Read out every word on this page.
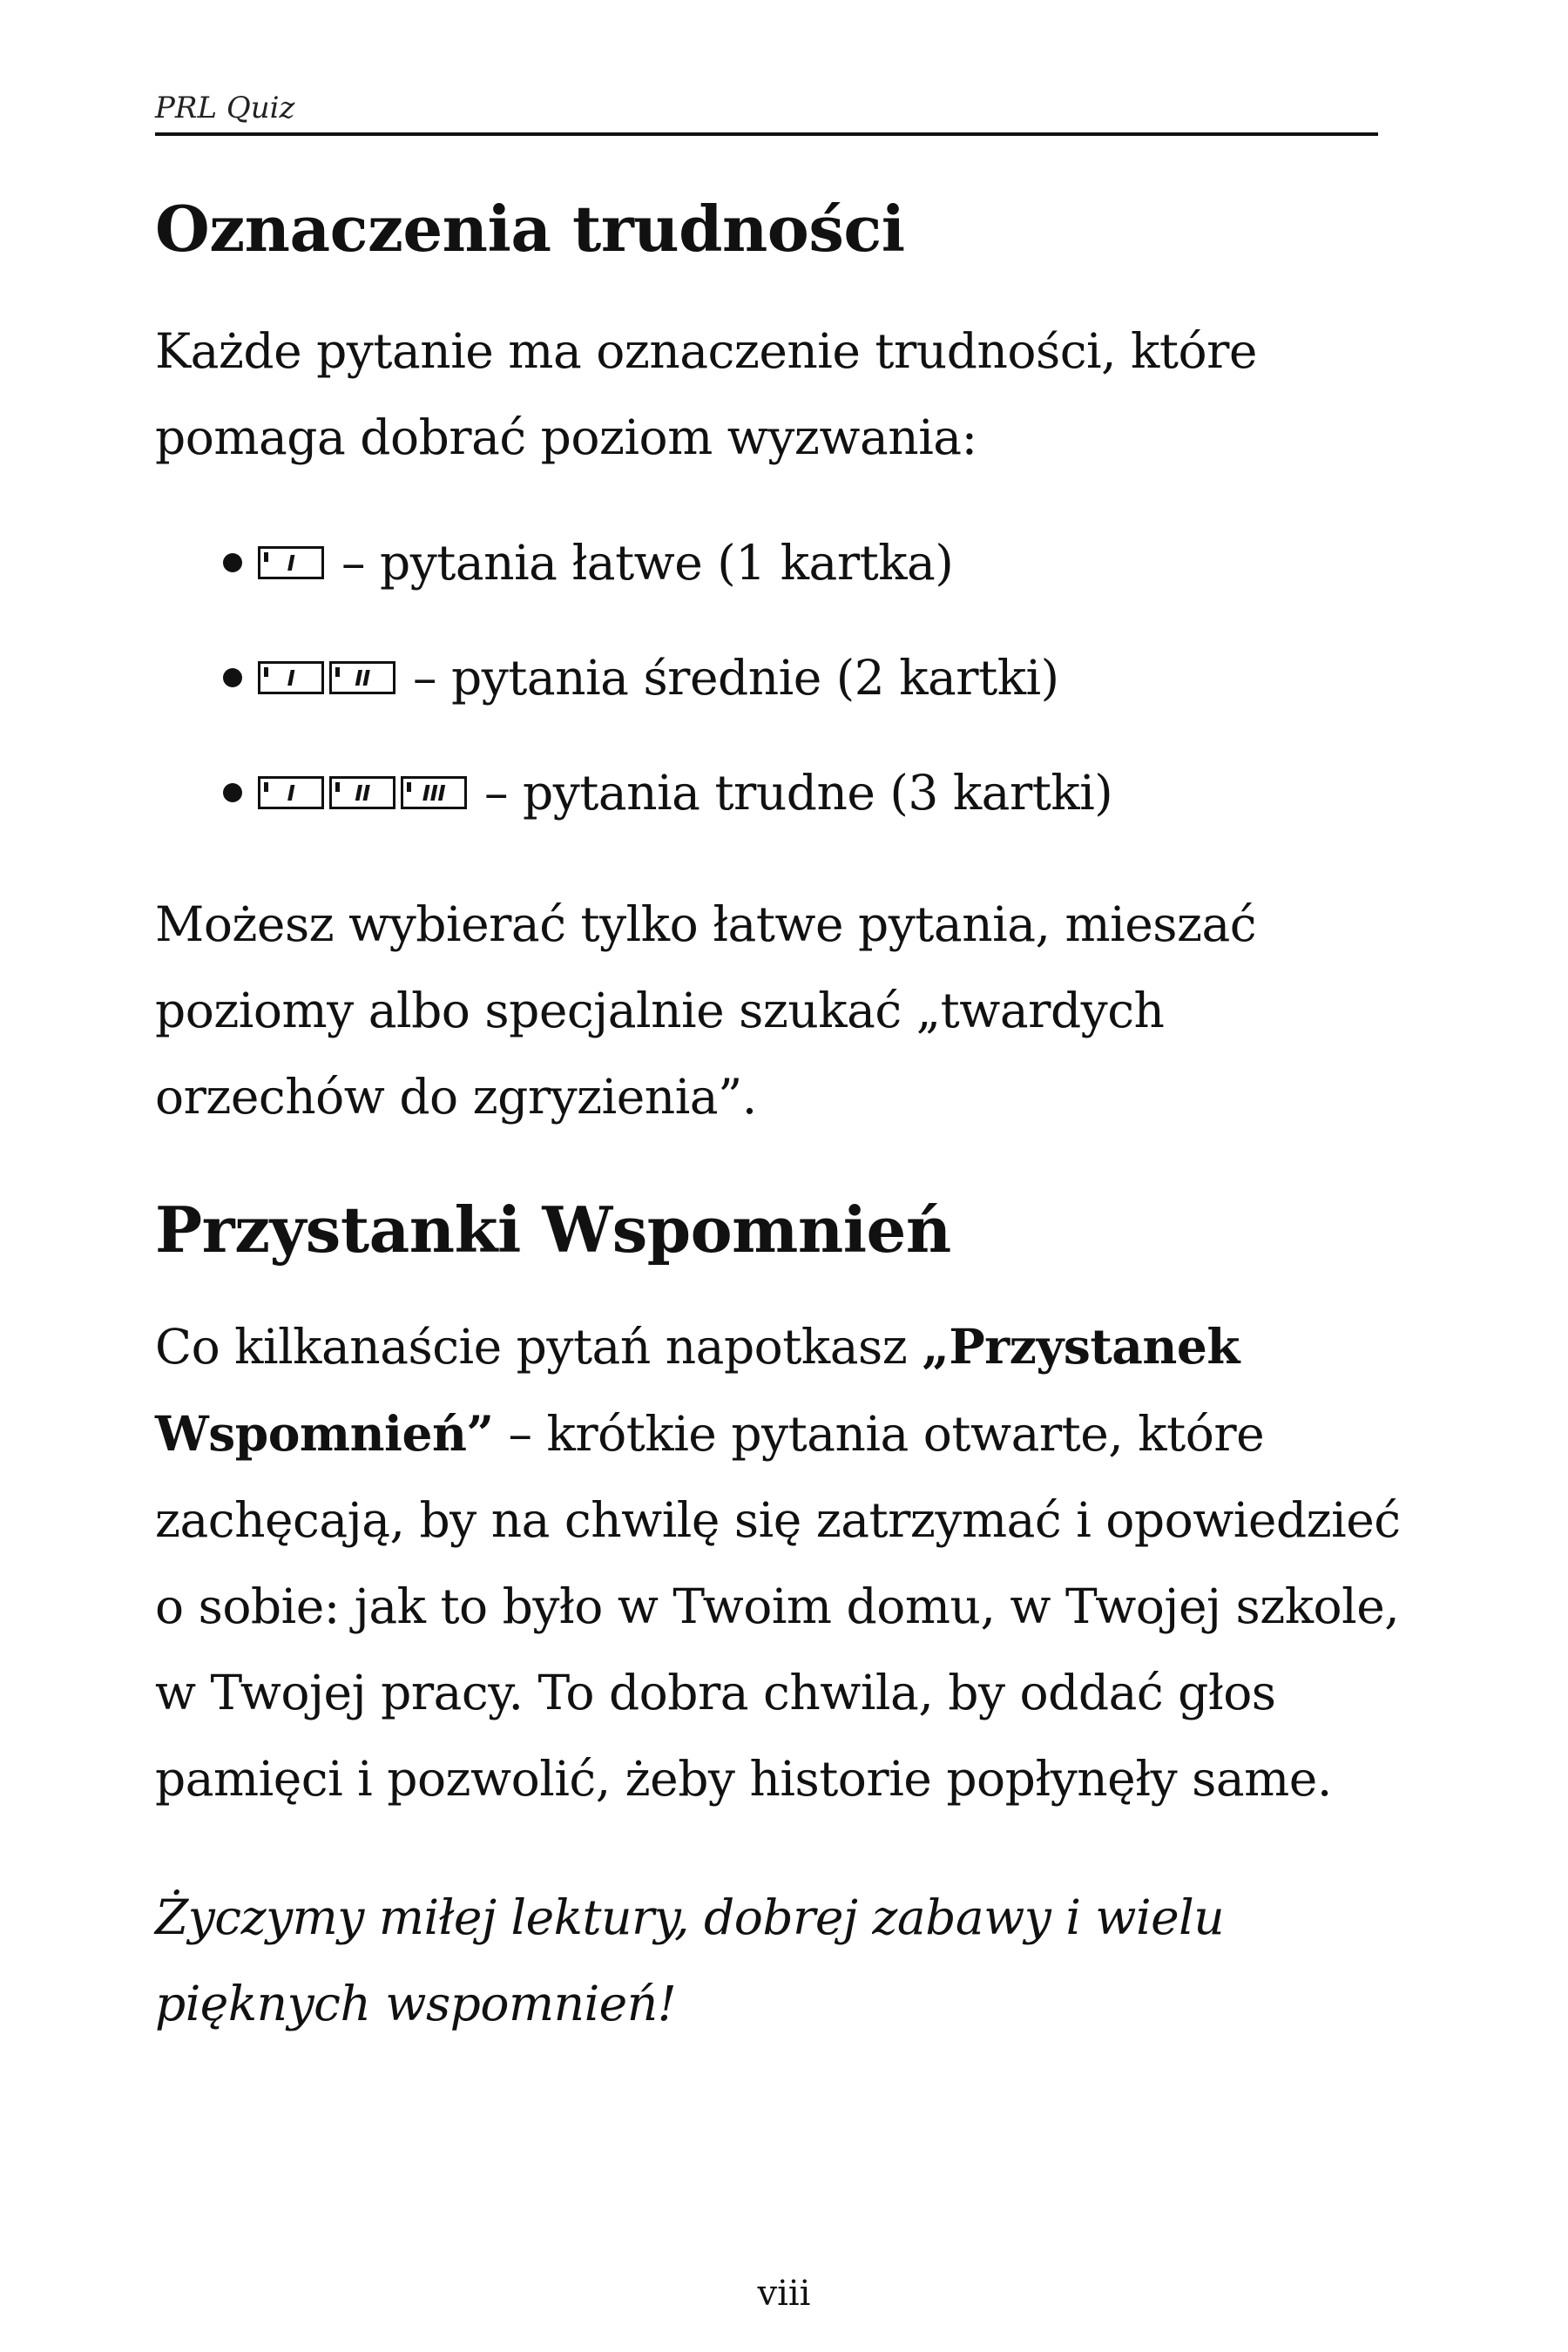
PRL Quiz
Oznaczenia trudności

Każde pytanie ma oznaczenie trudności, które pomaga dobrać poziom wyzwania:

I – pytania łatwe (1 kartka)
I	II – pytania średnie (2 kartki)
I	II	III – pytania trudne (3 kartki)

Możesz wybierać tylko łatwe pytania, mieszać poziomy albo specjalnie szukać „twardych orzechów do zgryzienia”.

Przystanki Wspomnień

Co kilkanaście pytań napotkasz „Przystanek Wspomnień” – krótkie pytania otwarte, które zachęcają, by na chwilę się zatrzymać i opowiedzieć o sobie: jak to było w Twoim domu, w Twojej szkole, w Twojej pracy. To dobra chwila, by oddać głos pamięci i pozwolić, żeby historie popłynęły same.

Życzymy miłej lektury, dobrej zabawy i wielu pięknych wspomnień!

viii
